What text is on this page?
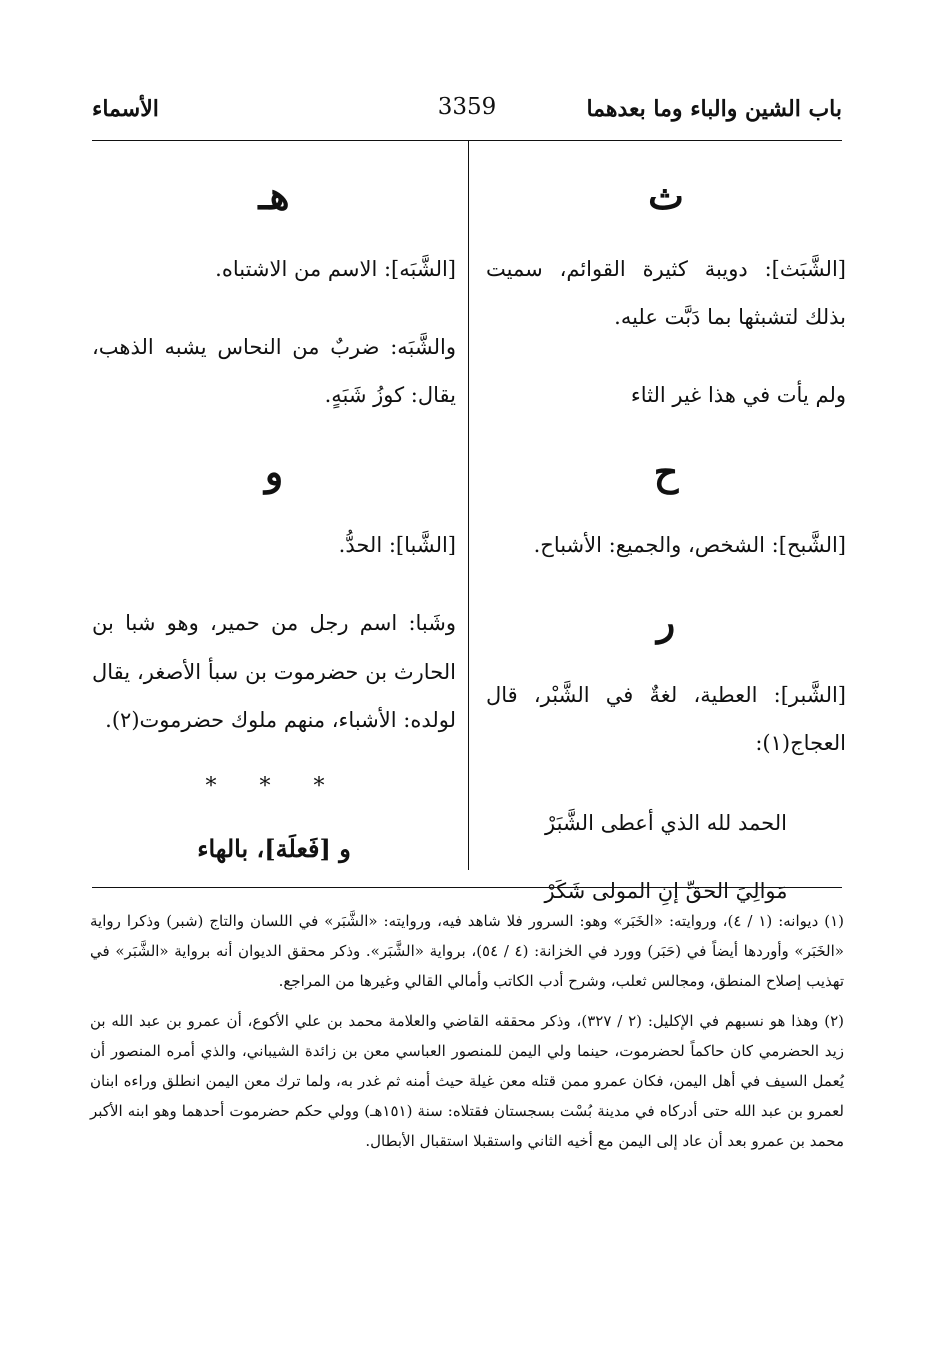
باب الشين والباء وما بعدهما
3359
الأسماء
ث

[الشَّبَث]: دويبة كثيرة القوائم، سميت بذلك لتشبثها بما دَبَّت عليه.

ولم يأت في هذا غير الثاء

ح

[الشَّبح]: الشخص، والجميع: الأشباح.

ر

[الشَّبر]: العطية، لغةٌ في الشَّبْر، قال العجاج(١):

الحمد لله الذي أعطى الشَّبَرْ
مَوالِيَ الحقِّ إنِ المولى شَكَرْ
هـ

[الشَّبَه]: الاسم من الاشتباه.

والشَّبَه: ضربٌ من النحاس يشبه الذهب، يقال: كوزُ شَبَهٍ.

و

[الشَّبا]: الحدُّ.

وشَبا: اسم رجل من حمير، وهو شبا بن الحارث بن حضرموت بن سبأ الأصغر، يقال لولده: الأشباء، منهم ملوك حضرموت(٢).

* * *
و [فَعلَة]، بالهاء

(١) ديوانه: (١ / ٤)، وروايته: «الخَبَر» وهو: السرور فلا شاهد فيه، وروايته: «الشَّبَر» في اللسان والتاج (شبر) وذكرا رواية «الخَبَر» وأوردها أيضاً في (حَبَر) وورد في الخزانة: (٤ / ٥٤)، برواية «الشَّبَر». وذكر محقق الديوان أنه برواية «الشَّبَر» في تهذيب إصلاح المنطق، ومجالس ثعلب، وشرح أدب الكاتب وأمالي القالي وغيرها من المراجع.

(٢) وهذا هو نسبهم في الإكليل: (٢ / ٣٢٧)، وذكر محققه القاضي والعلامة محمد بن علي الأكوع، أن عمرو بن عبد الله بن زيد الحضرمي كان حاكماً لحضرموت، حينما ولي اليمن للمنصور العباسي معن بن زائدة الشيباني، والذي أمره المنصور أن يُعمل السيف في أهل اليمن، فكان عمرو ممن قتله معن غيلة حيث أمنه ثم غدر به، ولما ترك معن اليمن انطلق وراءه ابنان لعمرو بن عبد الله حتى أدركاه في مدينة بُسْت بسجستان فقتلاه: سنة (١٥١هـ) وولي حكم حضرموت أحدهما وهو ابنه الأكبر محمد بن عمرو بعد أن عاد إلى اليمن مع أخيه الثاني واستقبلا استقبال الأبطال.
